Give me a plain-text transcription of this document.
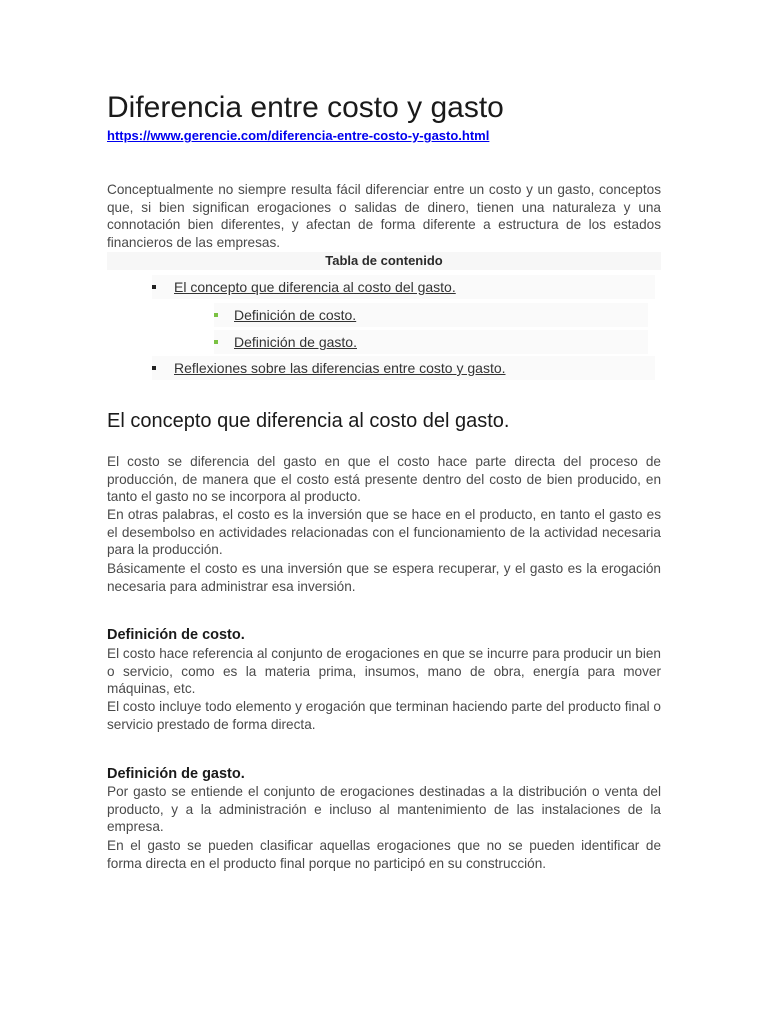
Diferencia entre costo y gasto
https://www.gerencie.com/diferencia-entre-costo-y-gasto.html

Conceptualmente no siempre resulta fácil diferenciar entre un costo y un gasto, conceptos que, si bien significan erogaciones o salidas de dinero, tienen una naturaleza y una connotación bien diferentes, y afectan de forma diferente a estructura de los estados financieros de las empresas.

Tabla de contenido
El concepto que diferencia al costo del gasto.
Definición de costo.
Definición de gasto.
Reflexiones sobre las diferencias entre costo y gasto.
El concepto que diferencia al costo del gasto.

El costo se diferencia del gasto en que el costo hace parte directa del proceso de producción, de manera que el costo está presente dentro del costo de bien producido, en tanto el gasto no se incorpora al producto.

En otras palabras, el costo es la inversión que se hace en el producto, en tanto el gasto es el desembolso en actividades relacionadas con el funcionamiento de la actividad necesaria para la producción.

Básicamente el costo es una inversión que se espera recuperar, y el gasto es la erogación necesaria para administrar esa inversión.

Definición de costo.

El costo hace referencia al conjunto de erogaciones en que se incurre para producir un bien o servicio, como es la materia prima, insumos, mano de obra, energía para mover máquinas, etc.

El costo incluye todo elemento y erogación que terminan haciendo parte del producto final o servicio prestado de forma directa.

Definición de gasto.

Por gasto se entiende el conjunto de erogaciones destinadas a la distribución o venta del producto, y a la administración e incluso al mantenimiento de las instalaciones de la empresa.

En el gasto se pueden clasificar aquellas erogaciones que no se pueden identificar de forma directa en el producto final porque no participó en su construcción.
